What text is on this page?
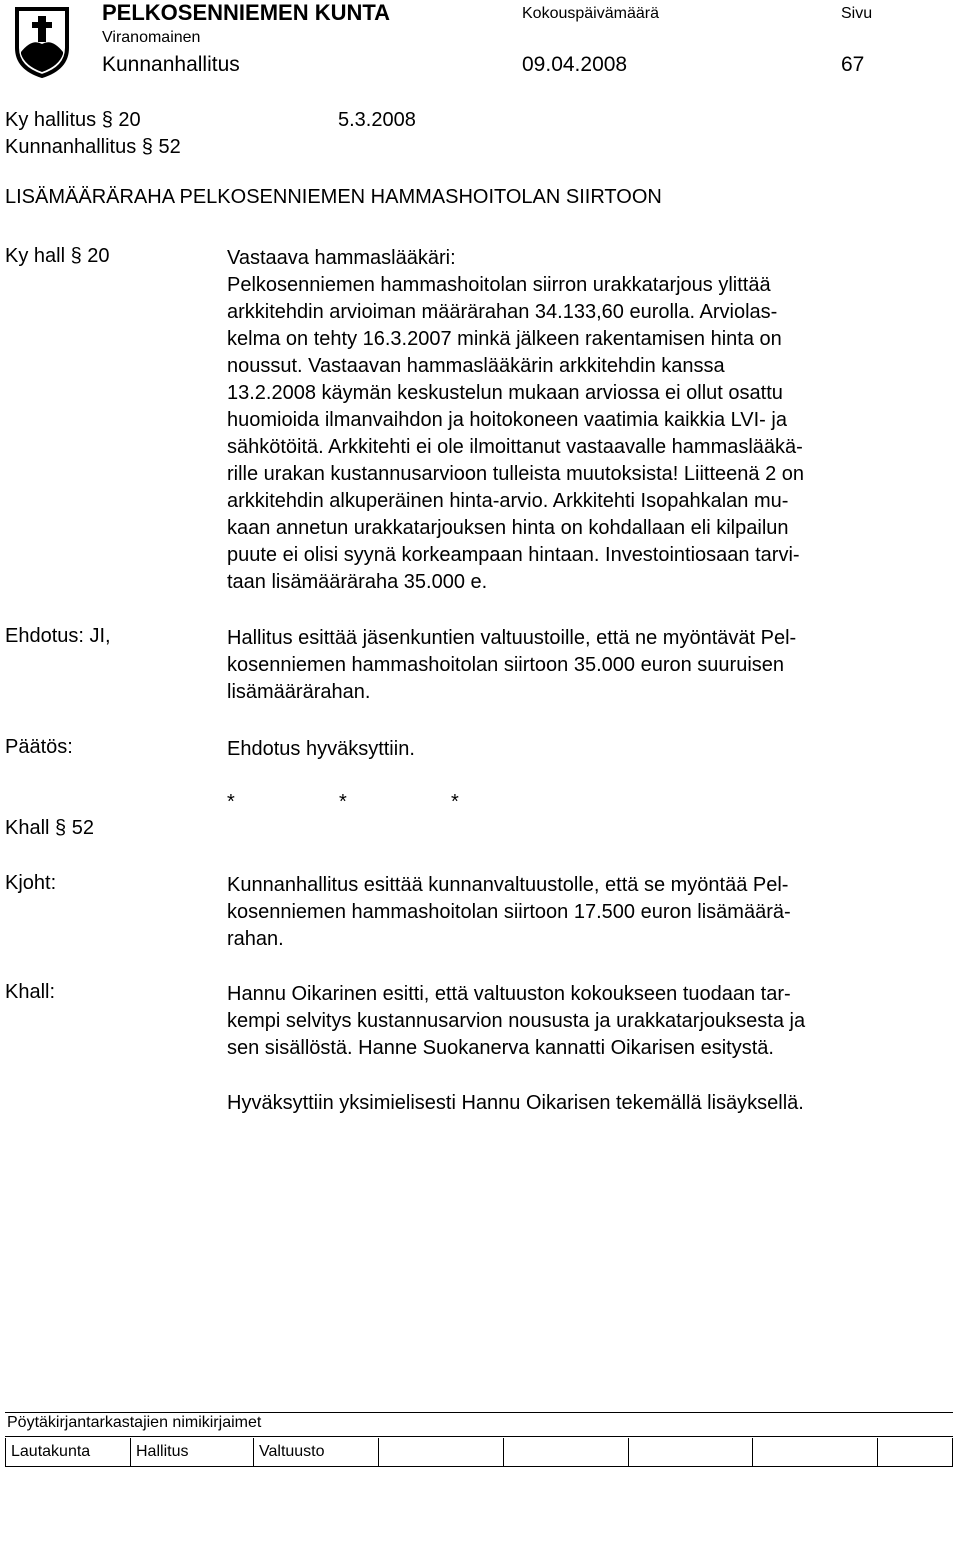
PELKOSENNIEMEN KUNTA
Viranomainen
Kunnanhallitus
Kokouspäivämäärä
09.04.2008
Sivu
67
Ky hallitus § 20	5.3.2008
Kunnanhallitus § 52
LISÄMÄÄRÄRAHA PELKOSENNIEMEN HAMMASHOITOLAN SIIRTOON
Ky hall § 20	Vastaava hammaslääkäri:
Pelkosenniemen hammashoitolan siirron urakkatarjous ylittää
arkkitehdin arvioiman määrärahan 34.133,60 eurolla. Arviolas-
kelma on tehty 16.3.2007 minkä jälkeen rakentamisen hinta on
noussut. Vastaavan hammaslääkärin arkkitehdin kanssa
13.2.2008 käymän keskustelun mukaan arviossa ei ollut osattu
huomioida ilmanvaihdon ja hoitokoneen vaatimia kaikkia LVI- ja
sähkötöitä. Arkkitehti ei ole ilmoittanut vastaavalle hammaslääkä-
rille urakan kustannusarvioon tulleista muutoksista! Liitteenä 2 on
arkkitehdin alkuperäinen hinta-arvio. Arkkitehti Isopahkalan mu-
kaan annetun urakkatarjouksen hinta on kohdallaan eli kilpailun
puute ei olisi syynä korkeampaan hintaan. Investointiosaan tarvi-
taan lisämääräraha 35.000 e.
Ehdotus: JI,	Hallitus esittää jäsenkuntien valtuustoille, että ne myöntävät Pel-
kosenniemen hammashoitolan siirtoon 35.000 euron suuruisen
lisämäärärahan.
Päätös:	Ehdotus hyväksyttiin.
*	*	*
Khall § 52
Kjoht:	Kunnanhallitus esittää kunnanvaltuustolle, että se myöntää Pel-
kosenniemen hammashoitolan siirtoon 17.500 euron lisämäärä-
rahan.
Khall:	Hannu Oikarinen esitti, että valtuuston kokoukseen tuodaan tar-
kempi selvitys kustannusarvion noususta ja urakkatarjouksesta ja
sen sisällöstä. Hanne Suokanerva kannatti Oikarisen esitystä.
Hyväksyttiin yksimielisesti Hannu Oikarisen tekemällä lisäyksellä.
Pöytäkirjantarkastajien nimikirjaimet
Lautakunta	Hallitus	Valtuusto
